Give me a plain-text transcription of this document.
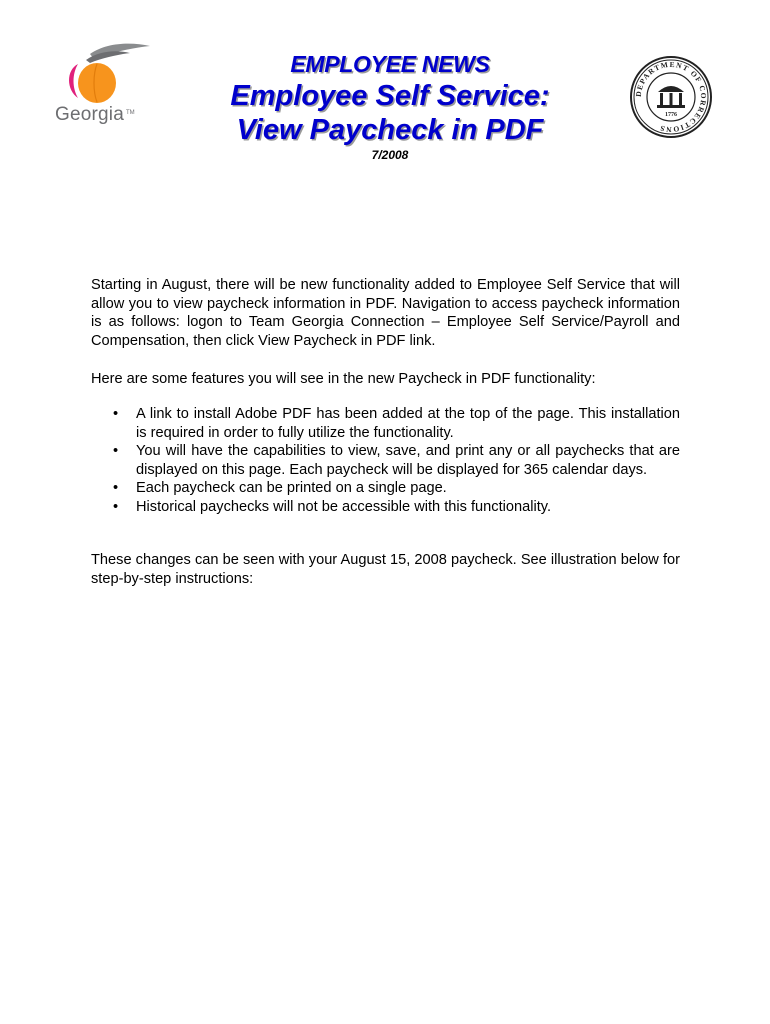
Georgia TM
EMPLOYEE NEWS
Employee Self Service:
View Paycheck in PDF
7/2008
DEPARTMENT OF CORRECTIONS
1776
Starting in August, there will be new functionality added to Employee Self Service that will allow you to view paycheck information in PDF. Navigation to access paycheck information is as follows: logon to Team Georgia Connection – Employee Self Service/Payroll and Compensation, then click View Paycheck in PDF link.
Here are some features you will see in the new Paycheck in PDF functionality:
• A link to install Adobe PDF has been added at the top of the page. This installation is required in order to fully utilize the functionality.
• You will have the capabilities to view, save, and print any or all paychecks that are displayed on this page. Each paycheck will be displayed for 365 calendar days.
• Each paycheck can be printed on a single page.
• Historical paychecks will not be accessible with this functionality.
These changes can be seen with your August 15, 2008 paycheck. See illustration below for step-by-step instructions:
